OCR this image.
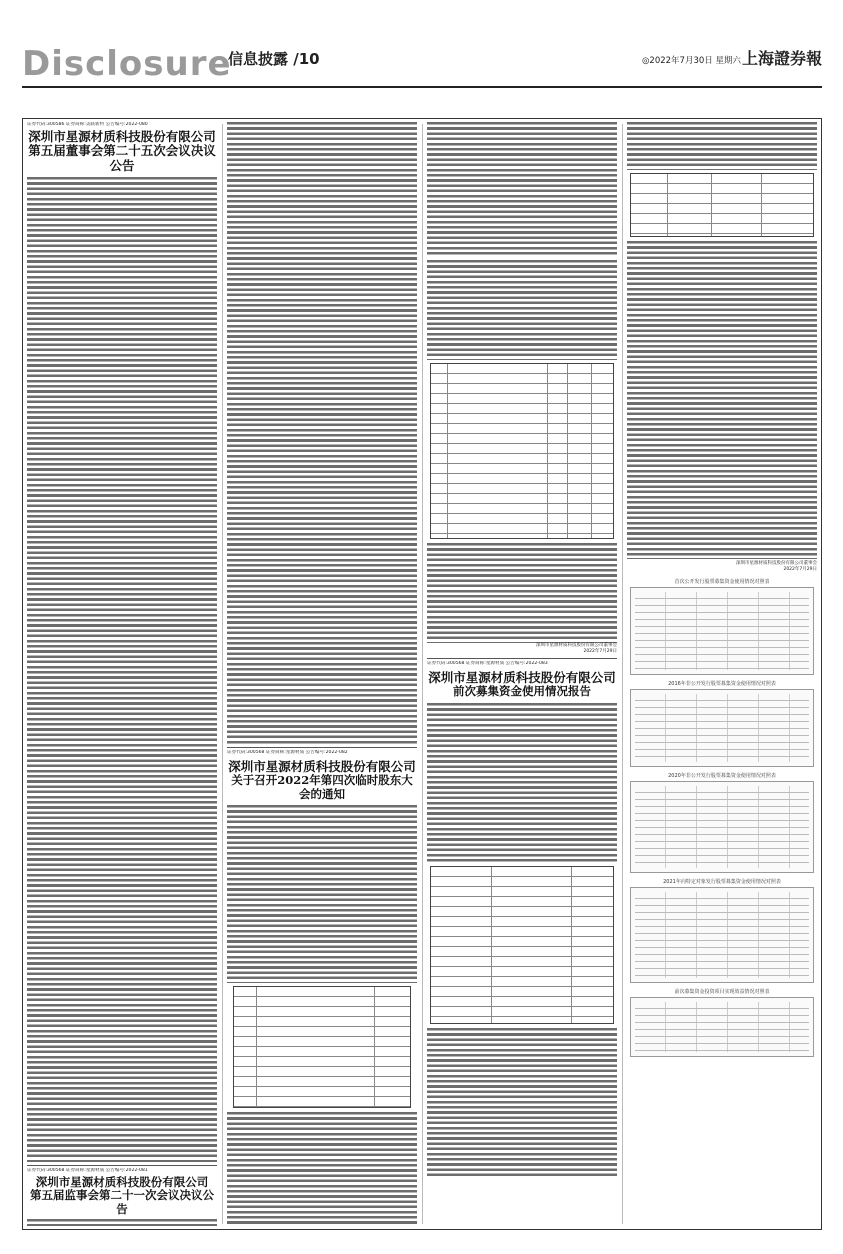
Disclosure
信息披露 /10	◎2022年7月30日 星期六 上海證券報
证券代码:300586 证券简称:美联新材 公告编号:2022-080
深圳市星源材质科技股份有限公司
第五届董事会第二十五次会议决议公告
证券代码:300568 证券简称:星源材质 公告编号:2022-081
深圳市星源材质科技股份有限公司
第五届监事会第二十一次会议决议公告
证券代码:300568 证券简称:星源材质 公告编号:2022-082
深圳市星源材质科技股份有限公司
关于召开2022年第四次临时股东大会的通知
深圳市星源材质科技股份有限公司董事会
2022年7月29日
证券代码:300568 证券简称:星源材质 公告编号:2022-083
深圳市星源材质科技股份有限公司
前次募集资金使用情况报告
深圳市星源材质科技股份有限公司董事会
2022年7月29日
首次公开发行股票募集资金使用情况对照表
2016年非公开发行股票募集资金使用情况对照表
2020年非公开发行股票募集资金使用情况对照表
2021年向特定对象发行股票募集资金使用情况对照表
前次募集资金投资项目实现效益情况对照表
